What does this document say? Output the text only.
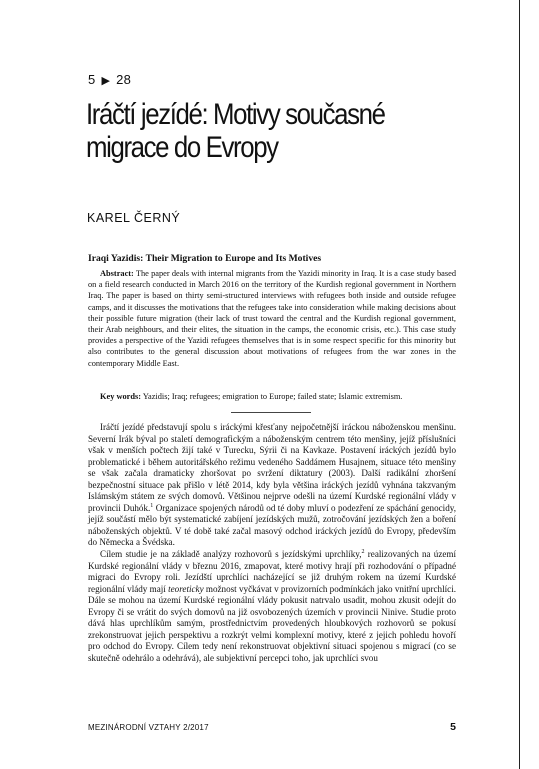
5 ▶ 28
Iráčtí jezídé: Motivy současné migrace do Evropy
KAREL ČERNÝ
Iraqi Yazidis: Their Migration to Europe and Its Motives
Abstract: The paper deals with internal migrants from the Yazidi minority in Iraq. It is a case study based on a field research conducted in March 2016 on the territory of the Kurdish regional government in Northern Iraq. The paper is based on thirty semi-structured interviews with refugees both inside and outside refugee camps, and it discusses the motivations that the refugees take into consideration while making decisions about their possible future migration (their lack of trust toward the central and the Kurdish regional government, their Arab neighbours, and their elites, the situation in the camps, the economic crisis, etc.). This case study provides a perspective of the Yazidi refugees themselves that is in some respect specific for this minority but also contributes to the general discussion about motivations of refugees from the war zones in the contemporary Middle East.
Key words: Yazidis; Iraq; refugees; emigration to Europe; failed state; Islamic extremism.

Iráčtí jezídé představují spolu s iráckými křesťany nejpočetnější iráckou náboženskou menšinu. Severní Irák býval po staletí demografickým a náboženským centrem této menšiny, jejíž příslušníci však v menších počtech žijí také v Turecku, Sýrii či na Kavkaze. Postavení iráckých jezídů bylo problematické i během autoritářského režimu vedeného Saddámem Husajnem, situace této menšiny se však začala dramaticky zhoršovat po svržení diktatury (2003). Další radikální zhoršení bezpečnostní situace pak přišlo v létě 2014, kdy byla většina iráckých jezídů vyhnána takzvaným Islámským státem ze svých domovů. Většinou nejprve odešli na území Kurdské regionální vlády v provincii Duhók.$^1$ Organizace spojených národů od té doby mluví o podezření ze spáchání genocidy, jejíž součástí mělo být systematické zabíjení jezídských mužů, zotročování jezídských žen a boření náboženských objektů. V té době také začal masový odchod iráckých jezídů do Evropy, především do Německa a Švédska.

Cílem studie je na základě analýzy rozhovorů s jezídskými uprchlíky,$^2$ realizovaných na území Kurdské regionální vlády v březnu 2016, zmapovat, které motivy hrají při rozhodování o případné migraci do Evropy roli. Jezídští uprchlíci nacházející se již druhým rokem na území Kurdské regionální vlády mají teoreticky možnost vyčkávat v provizorních podmínkách jako vnitřní uprchlíci. Dále se mohou na území Kurdské regionální vlády pokusit natrvalo usadit, mohou zkusit odejít do Evropy či se vrátit do svých domovů na již osvobozených územích v provincii Ninive. Studie proto dává hlas uprchlíkům samým, prostřednictvím provedených hloubkových rozhovorů se pokusí zrekonstruovat jejich perspektivu a rozkrýt velmi komplexní motivy, které z jejich pohledu hovoří pro odchod do Evropy. Cílem tedy není rekonstruovat objektivní situaci spojenou s migrací (co se skutečně odehrálo a odehrává), ale subjektivní percepci toho, jak uprchlíci svou

MEZINÁRODNÍ VZTAHY 2/2017	5
